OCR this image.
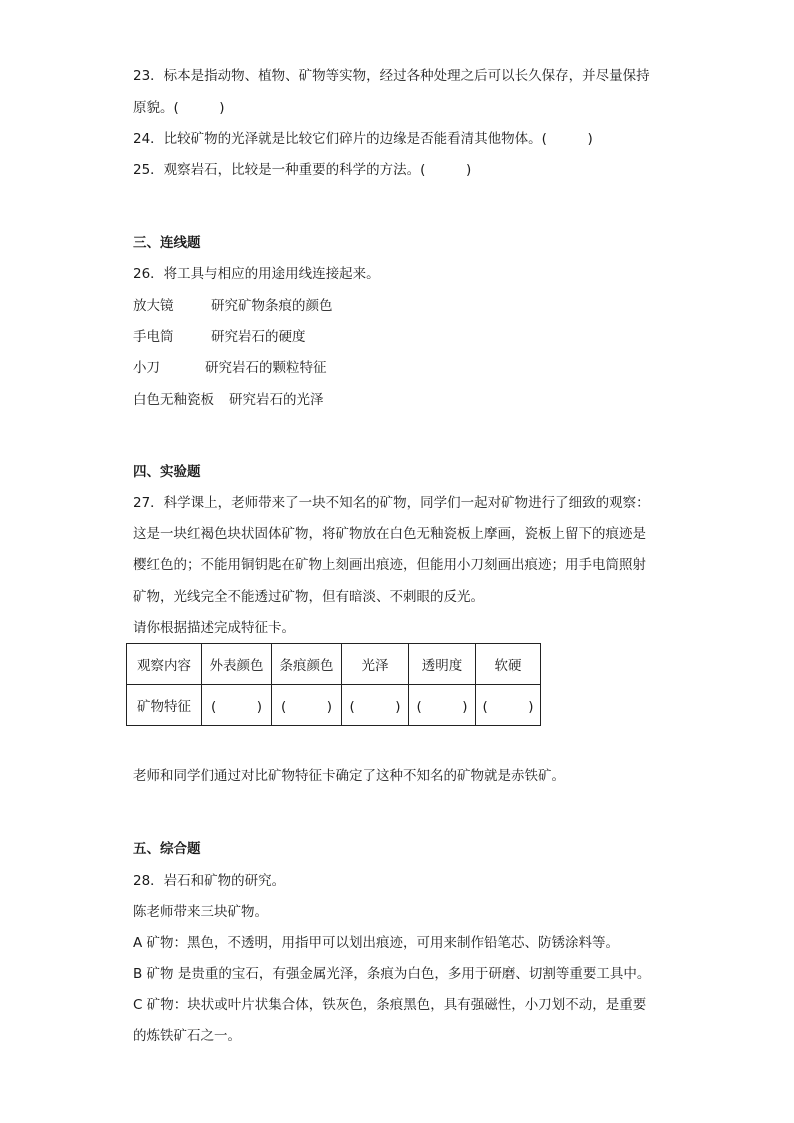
23．标本是指动物、植物、矿物等实物，经过各种处理之后可以长久保存，并尽量保持
原貌。(　　　)
24．比较矿物的光泽就是比较它们碎片的边缘是否能看清其他物体。(　　　)
25．观察岩石，比较是一种重要的科学的方法。(　　　)
三、连线题
26．将工具与相应的用途用线连接起来。
放大镜	研究矿物条痕的颜色
手电筒	研究岩石的硬度
小刀	研究岩石的颗粒特征
白色无釉瓷板 研究岩石的光泽
四、实验题
27．科学课上，老师带来了一块不知名的矿物，同学们一起对矿物进行了细致的观察：
这是一块红褐色块状固体矿物，将矿物放在白色无釉瓷板上摩画，瓷板上留下的痕迹是
樱红色的；不能用铜钥匙在矿物上刻画出痕迹，但能用小刀刻画出痕迹；用手电筒照射
矿物，光线完全不能透过矿物，但有暗淡、不刺眼的反光。
请你根据描述完成特征卡。
观察内容	外表颜色	条痕颜色	光泽	透明度	软硬
矿物特征	(　　　)	(　　　)	(　　　)	(　　　)	(　　　)
老师和同学们通过对比矿物特征卡确定了这种不知名的矿物就是赤铁矿。
五、综合题
28．岩石和矿物的研究。
陈老师带来三块矿物。
A 矿物：黑色，不透明，用指甲可以划出痕迹，可用来制作铅笔芯、防锈涂料等。
B 矿物 是贵重的宝石，有强金属光泽，条痕为白色，多用于研磨、切割等重要工具中。
C 矿物：块状或叶片状集合体，铁灰色，条痕黑色，具有强磁性，小刀划不动，是重要
的炼铁矿石之一。
